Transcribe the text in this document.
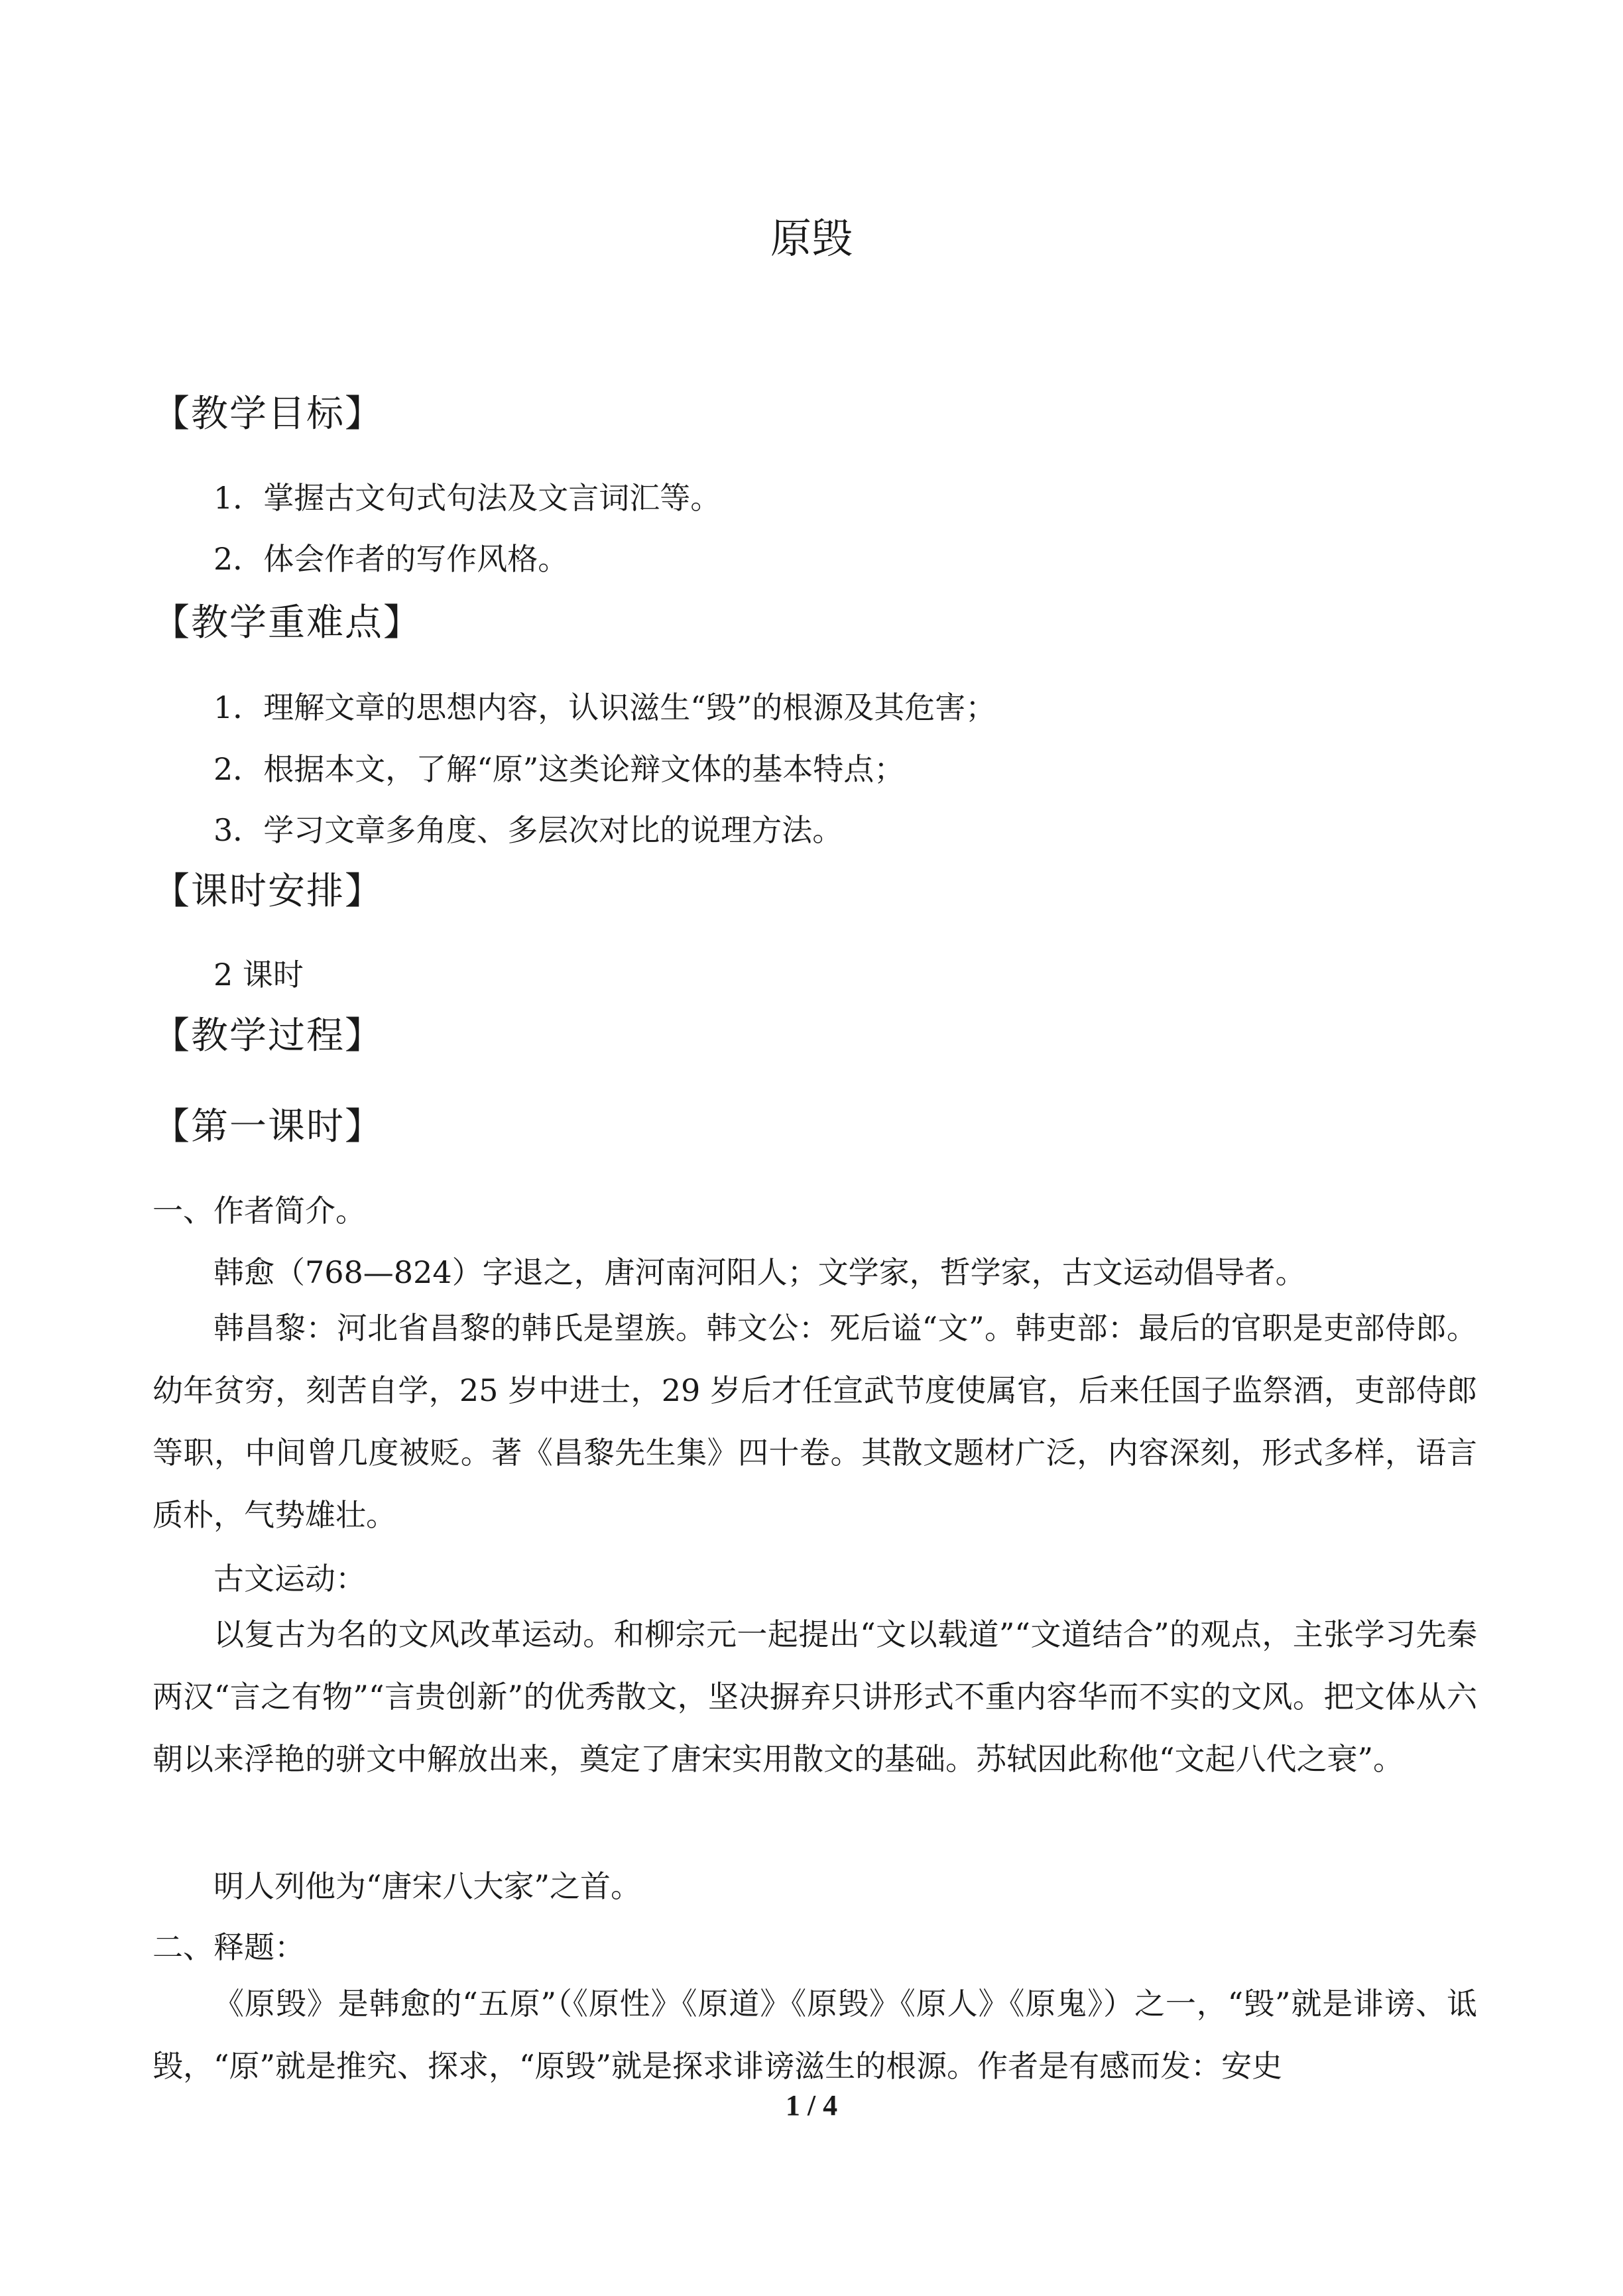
原毁
【教学目标】
1．掌握古文句式句法及文言词汇等。
2．体会作者的写作风格。
【教学重难点】
1．理解文章的思想内容，认识滋生“毁”的根源及其危害；
2．根据本文，了解“原”这类论辩文体的基本特点；
3．学习文章多角度、多层次对比的说理方法。
【课时安排】
2 课时
【教学过程】
【第一课时】
一、作者简介。
韩愈（768—824）字退之，唐河南河阳人；文学家，哲学家，古文运动倡导者。
韩昌黎：河北省昌黎的韩氏是望族。韩文公：死后谥“文”。韩吏部：最后的官职是吏部侍郎。幼年贫穷，刻苦自学，25 岁中进士，29 岁后才任宣武节度使属官，后来任国子监祭酒，吏部侍郎等职，中间曾几度被贬。著《昌黎先生集》四十卷。其散文题材广泛，内容深刻，形式多样，语言质朴，气势雄壮。
古文运动：
以复古为名的文风改革运动。和柳宗元一起提出“文以载道”“文道结合”的观点，主张学习先秦两汉“言之有物”“言贵创新”的优秀散文，坚决摒弃只讲形式不重内容华而不实的文风。把文体从六朝以来浮艳的骈文中解放出来，奠定了唐宋实用散文的基础。苏轼因此称他“文起八代之衰”。
明人列他为“唐宋八大家”之首。
二、释题：
《原毁》是韩愈的“五原”（《原性》《原道》《原毁》《原人》《原鬼》）之一，“毁”就是诽谤、诋毁，“原”就是推究、探求，“原毁”就是探求诽谤滋生的根源。作者是有感而发：安史
1 / 4
